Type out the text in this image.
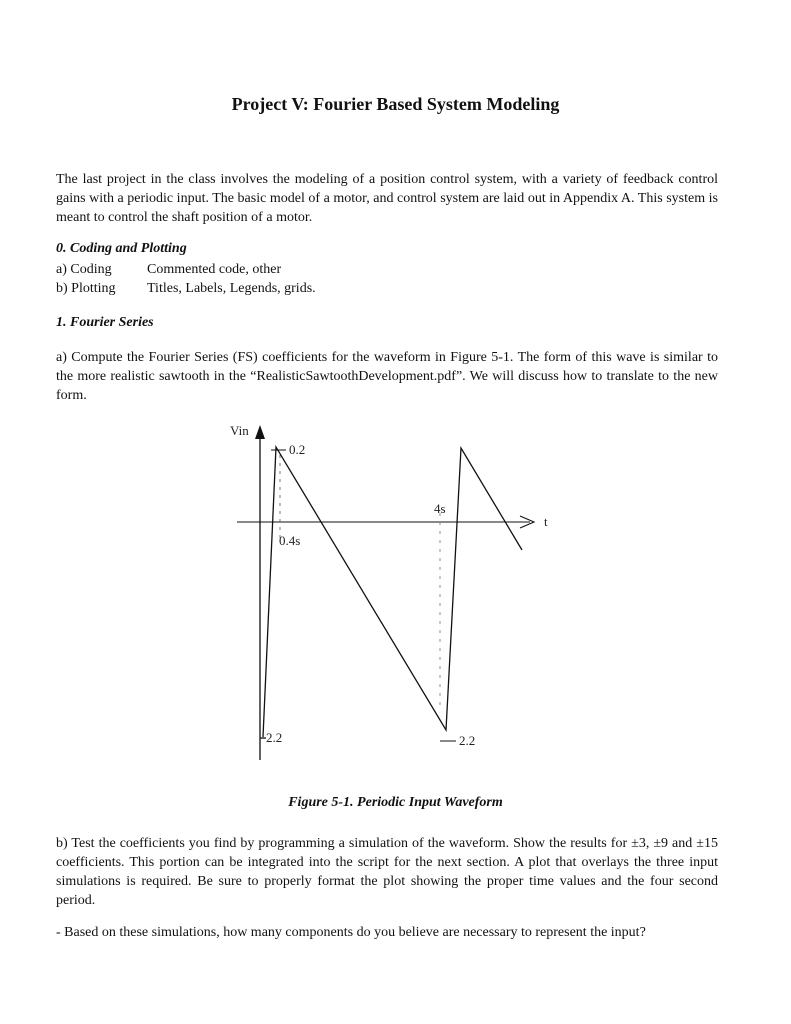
Project V: Fourier Based System Modeling
The last project in the class involves the modeling of a position control system, with a variety of feedback control gains with a periodic input. The basic model of a motor, and control system are laid out in Appendix A. This system is meant to control the shaft position of a motor.
0. Coding and Plotting
a) Coding	Commented code, other
b) Plotting Titles, Labels, Legends, grids.
1. Fourier Series
a) Compute the Fourier Series (FS) coefficients for the waveform in Figure 5-1. The form of this wave is similar to the more realistic sawtooth in the “RealisticSawtoothDevelopment.pdf”. We will discuss how to translate to the new form.
Vin
t
0.2
0.4s
4s
2.2	2.2
Figure 5-1. Periodic Input Waveform
b) Test the coefficients you find by programming a simulation of the waveform. Show the results for ±3, ±9 and ±15 coefficients. This portion can be integrated into the script for the next section. A plot that overlays the three input simulations is required. Be sure to properly format the plot showing the proper time values and the four second period.
- Based on these simulations, how many components do you believe are necessary to represent the input?
